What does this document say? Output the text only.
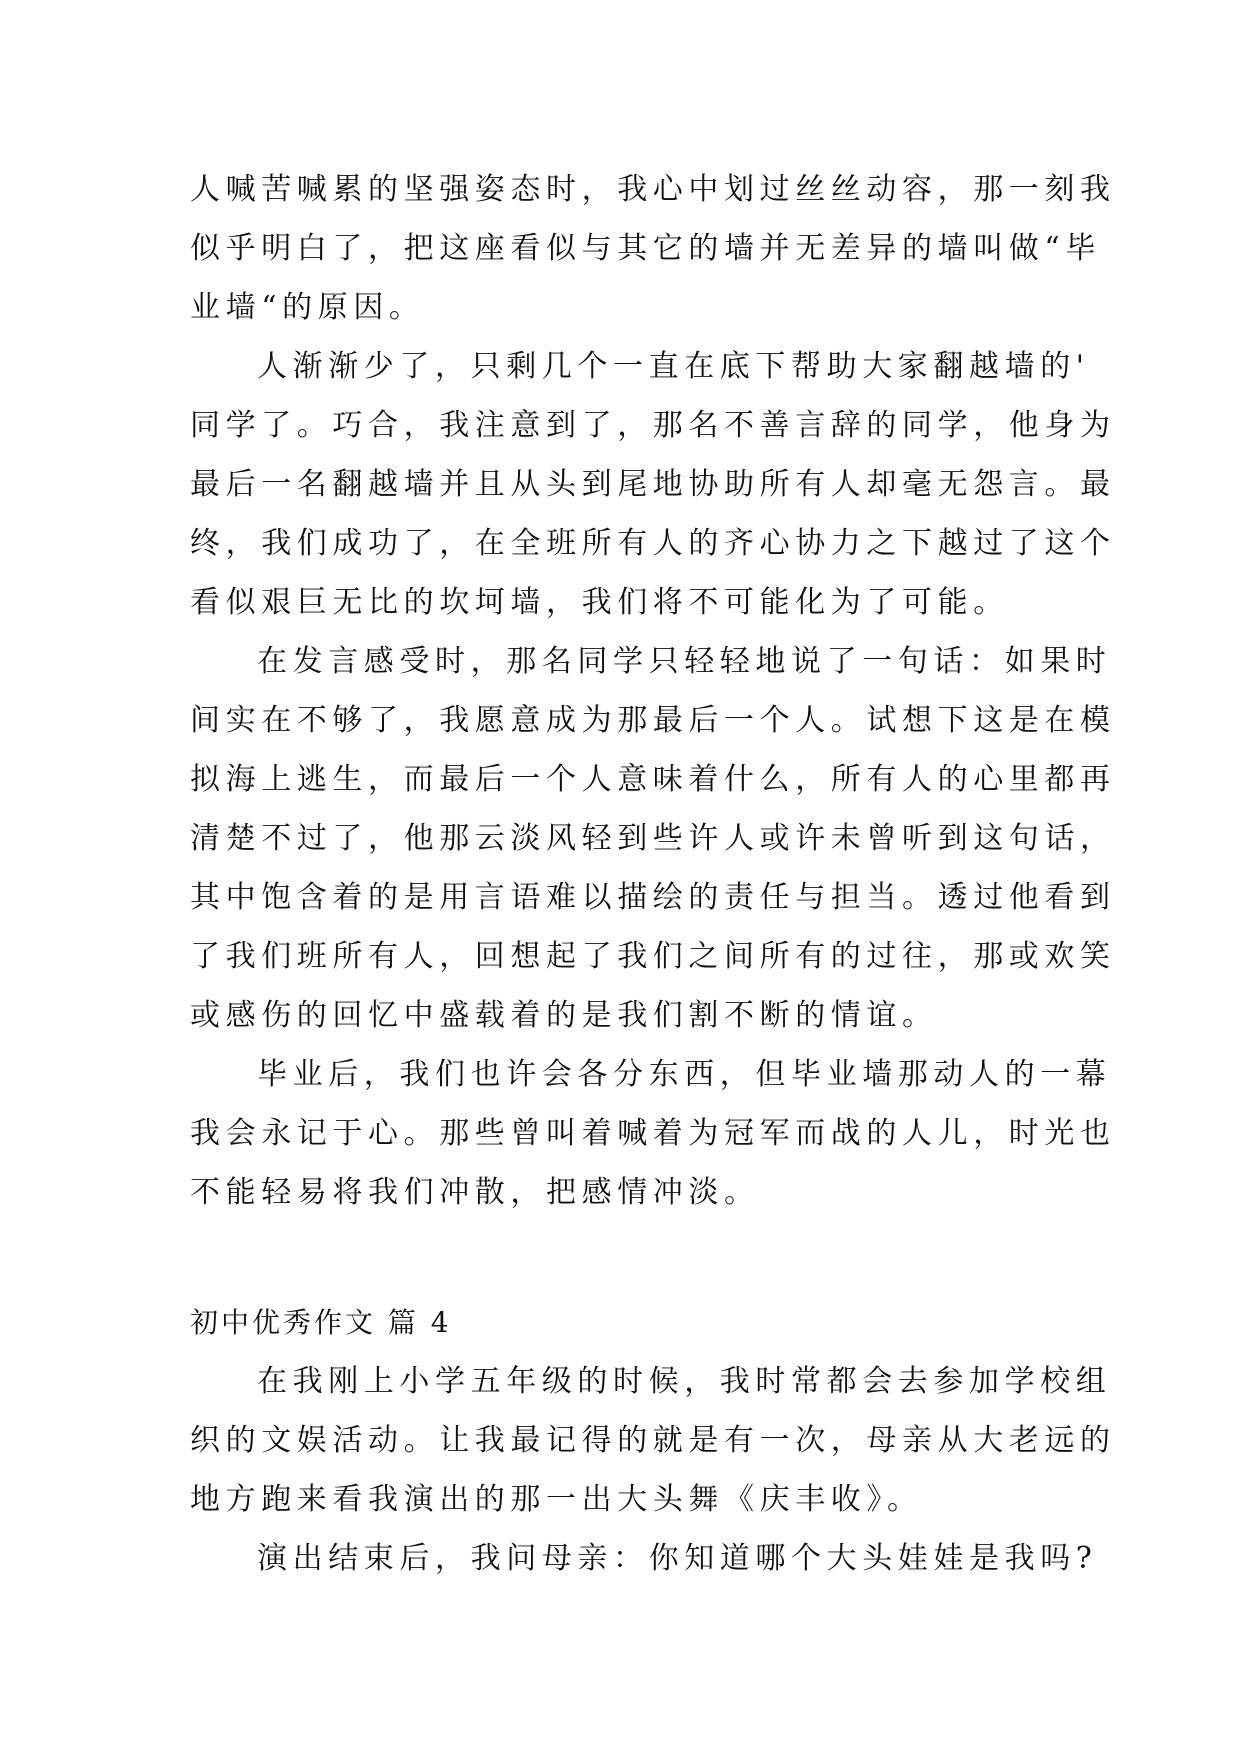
人喊苦喊累的坚强姿态时，我心中划过丝丝动容，那一刻我
似乎明白了，把这座看似与其它的墙并无差异的墙叫做“毕
业墙“的原因。
人渐渐少了，只剩几个一直在底下帮助大家翻越墙的'
同学了。巧合，我注意到了，那名不善言辞的同学，他身为
最后一名翻越墙并且从头到尾地协助所有人却毫无怨言。最
终，我们成功了，在全班所有人的齐心协力之下越过了这个
看似艰巨无比的坎坷墙，我们将不可能化为了可能。
在发言感受时，那名同学只轻轻地说了一句话：如果时
间实在不够了，我愿意成为那最后一个人。试想下这是在模
拟海上逃生，而最后一个人意味着什么，所有人的心里都再
清楚不过了，他那云淡风轻到些许人或许未曾听到这句话，
其中饱含着的是用言语难以描绘的责任与担当。透过他看到
了我们班所有人，回想起了我们之间所有的过往，那或欢笑
或感伤的回忆中盛载着的是我们割不断的情谊。
毕业后，我们也许会各分东西，但毕业墙那动人的一幕
我会永记于心。那些曾叫着喊着为冠军而战的人儿，时光也
不能轻易将我们冲散，把感情冲淡。
初中优秀作文 篇 4
在我刚上小学五年级的时候，我时常都会去参加学校组
织的文娱活动。让我最记得的就是有一次，母亲从大老远的
地方跑来看我演出的那一出大头舞《庆丰收》。
演出结束后，我问母亲：你知道哪个大头娃娃是我吗?
